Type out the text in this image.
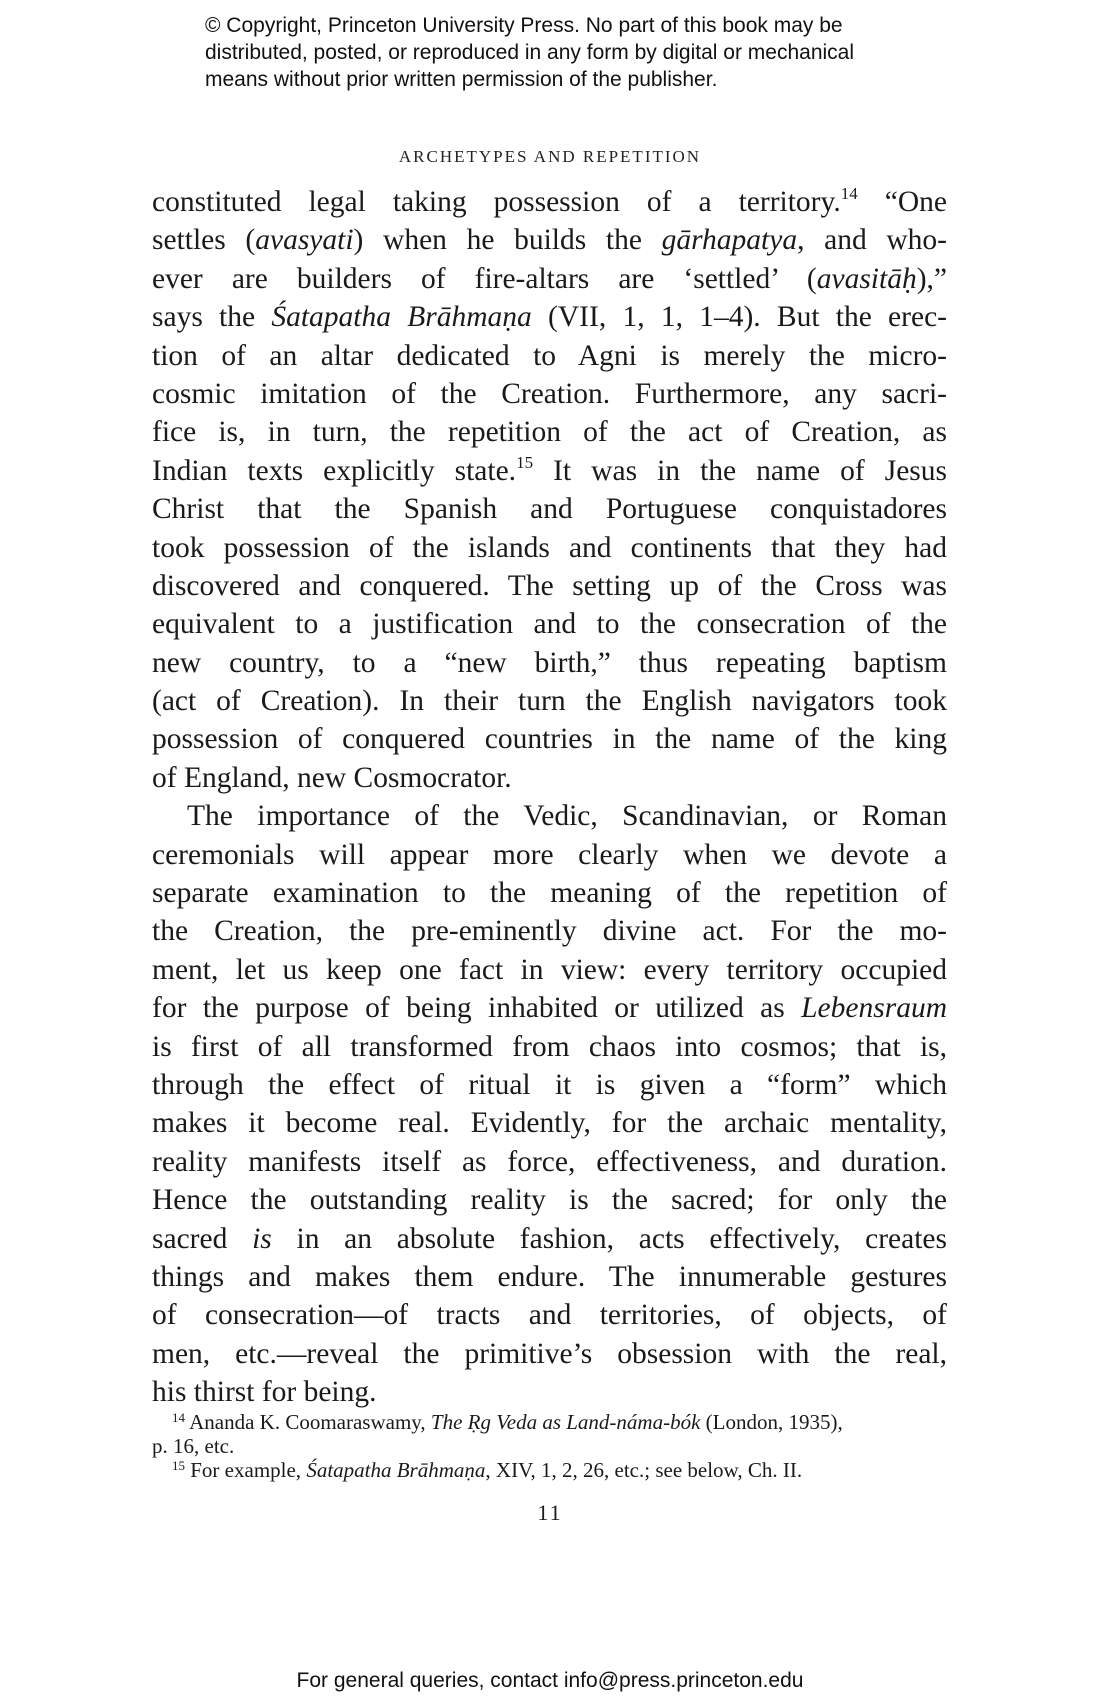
© Copyright, Princeton University Press. No part of this book may be
distributed, posted, or reproduced in any form by digital or mechanical
means without prior written permission of the publisher.
ARCHETYPES AND REPETITION
constituted legal taking possession of a territory.$^{14}$ “One
settles (avasyati) when he builds the gārhapatya, and who-
ever are builders of fire-altars are ‘settled’ (avasitāḥ),”
says the Śatapatha Brāhmaṇa (VII, 1, 1, 1–4). But the erec-
tion of an altar dedicated to Agni is merely the micro-
cosmic imitation of the Creation. Furthermore, any sacri-
fice is, in turn, the repetition of the act of Creation, as
Indian texts explicitly state.$^{15}$ It was in the name of Jesus
Christ that the Spanish and Portuguese conquistadores
took possession of the islands and continents that they had
discovered and conquered. The setting up of the Cross was
equivalent to a justification and to the consecration of the
new country, to a “new birth,” thus repeating baptism
(act of Creation). In their turn the English navigators took
possession of conquered countries in the name of the king
of England, new Cosmocrator.
The importance of the Vedic, Scandinavian, or Roman
ceremonials will appear more clearly when we devote a
separate examination to the meaning of the repetition of
the Creation, the pre-eminently divine act. For the mo-
ment, let us keep one fact in view: every territory occupied
for the purpose of being inhabited or utilized as Lebensraum
is first of all transformed from chaos into cosmos; that is,
through the effect of ritual it is given a “form” which
makes it become real. Evidently, for the archaic mentality,
reality manifests itself as force, effectiveness, and duration.
Hence the outstanding reality is the sacred; for only the
sacred is in an absolute fashion, acts effectively, creates
things and makes them endure. The innumerable gestures
of consecration—of tracts and territories, of objects, of
men, etc.—reveal the primitive’s obsession with the real,
his thirst for being.
$^{14}$ Ananda K. Coomaraswamy, The Ṛg Veda as Land-náma-bók (London, 1935),
p. 16, etc.
$^{15}$ For example, Śatapatha Brāhmaṇa, XIV, 1, 2, 26, etc.; see below, Ch. II.
11
For general queries, contact info@press.princeton.edu
